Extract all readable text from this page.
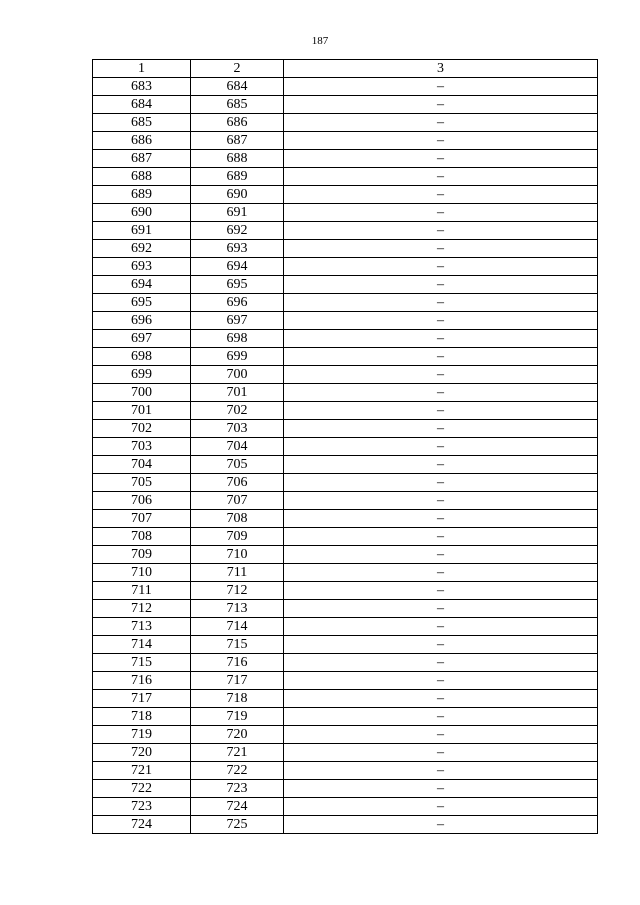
187
1	2	3
683	684	–
684	685	–
685	686	–
686	687	–
687	688	–
688	689	–
689	690	–
690	691	–
691	692	–
692	693	–
693	694	–
694	695	–
695	696	–
696	697	–
697	698	–
698	699	–
699	700	–
700	701	–
701	702	–
702	703	–
703	704	–
704	705	–
705	706	–
706	707	–
707	708	–
708	709	–
709	710	–
710	711	–
711	712	–
712	713	–
713	714	–
714	715	–
715	716	–
716	717	–
717	718	–
718	719	–
719	720	–
720	721	–
721	722	–
722	723	–
723	724	–
724	725	–
